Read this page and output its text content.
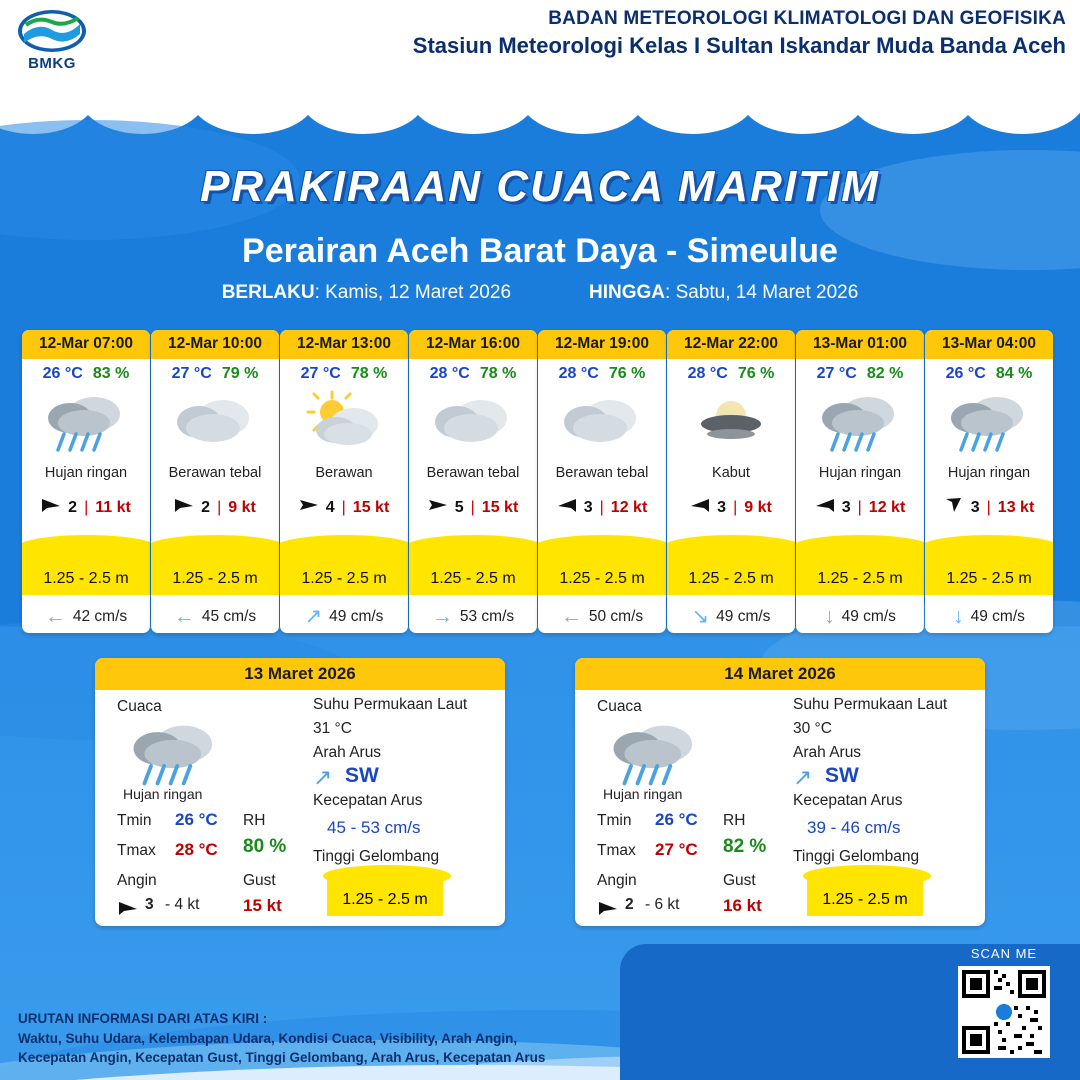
BMKG
BADAN METEOROLOGI KLIMATOLOGI DAN GEOFISIKA
Stasiun Meteorologi Kelas I Sultan Iskandar Muda Banda Aceh
PRAKIRAAN CUACA MARITIM
Perairan Aceh Barat Daya - Simeulue
BERLAKU: Kamis, 12 Maret 2026	HINGGA: Sabtu, 14 Maret 2026
12-Mar 07:00
26 °C 83 %
Hujan ringan
2 | 11 kt
1.25 - 2.5 m
← 42 cm/s
12-Mar 10:00
27 °C 79 %
Berawan tebal
2 | 9 kt
1.25 - 2.5 m
← 45 cm/s
12-Mar 13:00
27 °C 78 %
Berawan
4 | 15 kt
1.25 - 2.5 m
↗ 49 cm/s
12-Mar 16:00
28 °C 78 %
Berawan tebal
5 | 15 kt
1.25 - 2.5 m
→ 53 cm/s
12-Mar 19:00
28 °C 76 %
Berawan tebal
3 | 12 kt
1.25 - 2.5 m
← 50 cm/s
12-Mar 22:00
28 °C 76 %
Kabut
3 | 9 kt
1.25 - 2.5 m
↘ 49 cm/s
13-Mar 01:00
27 °C 82 %
Hujan ringan
3 | 12 kt
1.25 - 2.5 m
↓ 49 cm/s
13-Mar 04:00
26 °C 84 %
Hujan ringan
3 | 13 kt
1.25 - 2.5 m
↓ 49 cm/s
13 Maret 2026
Cuaca
Hujan ringan
Tmin 26 °C
Tmax 28 °C
Angin
3 - 4 kt
RH
80 %
Gust
15 kt
Suhu Permukaan Laut
31 °C
Arah Arus
↗ SW
Kecepatan Arus
45 - 53 cm/s
Tinggi Gelombang
1.25 - 2.5 m
14 Maret 2026
Cuaca
Hujan ringan
Tmin 26 °C
Tmax 27 °C
Angin
2 - 6 kt
RH
82 %
Gust
16 kt
Suhu Permukaan Laut
30 °C
Arah Arus
↗ SW
Kecepatan Arus
39 - 46 cm/s
Tinggi Gelombang
1.25 - 2.5 m
URUTAN INFORMASI DARI ATAS KIRI :
Waktu, Suhu Udara, Kelembapan Udara, Kondisi Cuaca, Visibility, Arah Angin,
Kecepatan Angin, Kecepatan Gust, Tinggi Gelombang, Arah Arus, Kecepatan Arus
SCAN ME
